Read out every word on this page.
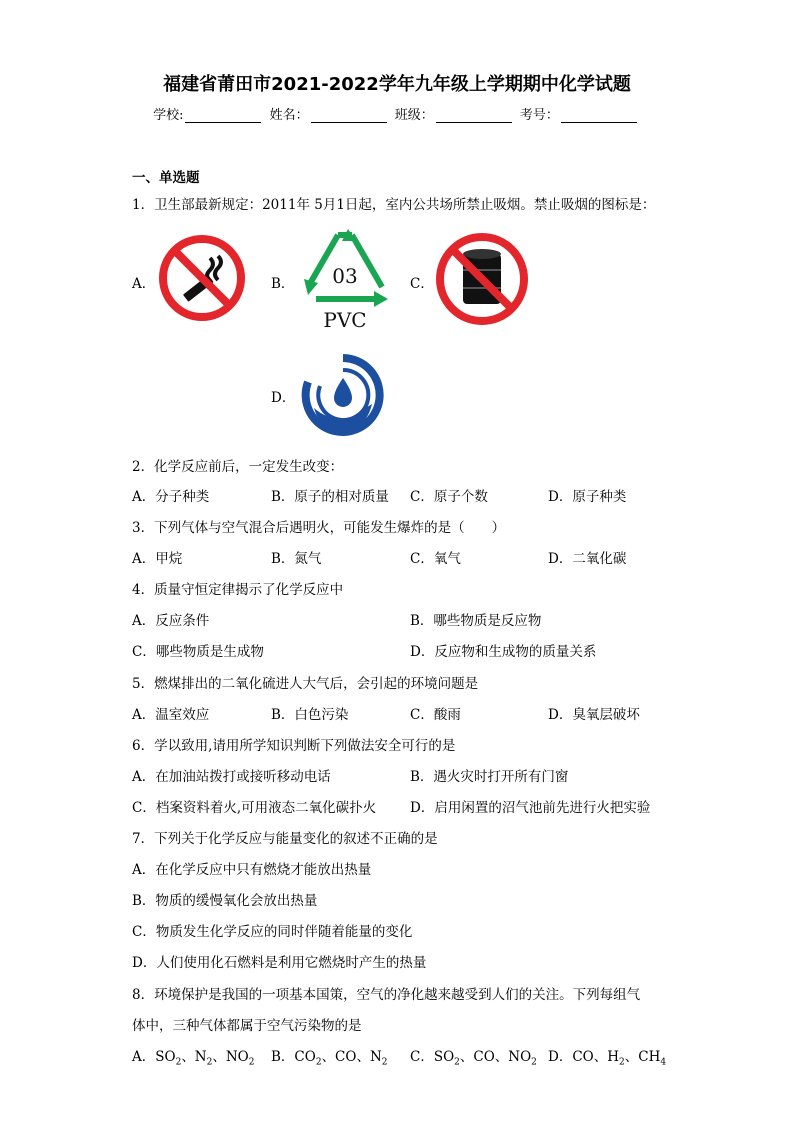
福建省莆田市2021-2022学年九年级上学期期中化学试题
学校:	姓名：	班级：	考号：
一、单选题
1．卫生部最新规定：2011年 5月1日起，室内公共场所禁止吸烟。禁止吸烟的图标是：
A．	B． 03
PVC
C．
D．
2．化学反应前后，一定发生改变：
A．分子种类	B．原子的相对质量 C．原子个数	D．原子种类
3．下列气体与空气混合后遇明火，可能发生爆炸的是（　　）
A．甲烷	B．氮气	C．氧气	D．二氧化碳
4．质量守恒定律揭示了化学反应中
A．反应条件	B．哪些物质是反应物
C．哪些物质是生成物	D．反应物和生成物的质量关系
5．燃煤排出的二氧化硫进人大气后，会引起的环境问题是
A．温室效应	B．白色污染	C．酸雨	D．臭氧层破坏
6．学以致用,请用所学知识判断下列做法安全可行的是
A．在加油站拨打或接听移动电话	B．遇火灾时打开所有门窗
C．档案资料着火,可用液态二氧化碳扑火	D．启用闲置的沼气池前先进行火把实验
7．下列关于化学反应与能量变化的叙述不正确的是
A．在化学反应中只有燃烧才能放出热量
B．物质的缓慢氧化会放出热量
C．物质发生化学反应的同时伴随着能量的变化
D．人们使用化石燃料是利用它燃烧时产生的热量
8．环境保护是我国的一项基本国策，空气的净化越来越受到人们的关注。下列每组气
体中，三种气体都属于空气污染物的是
A．$SO_2$、$N_2$、$NO_2$ B．$CO_2$、CO、$N_2$ C．$SO_2$、CO、$NO_2$ D．CO、$H_2$、$CH_4$
